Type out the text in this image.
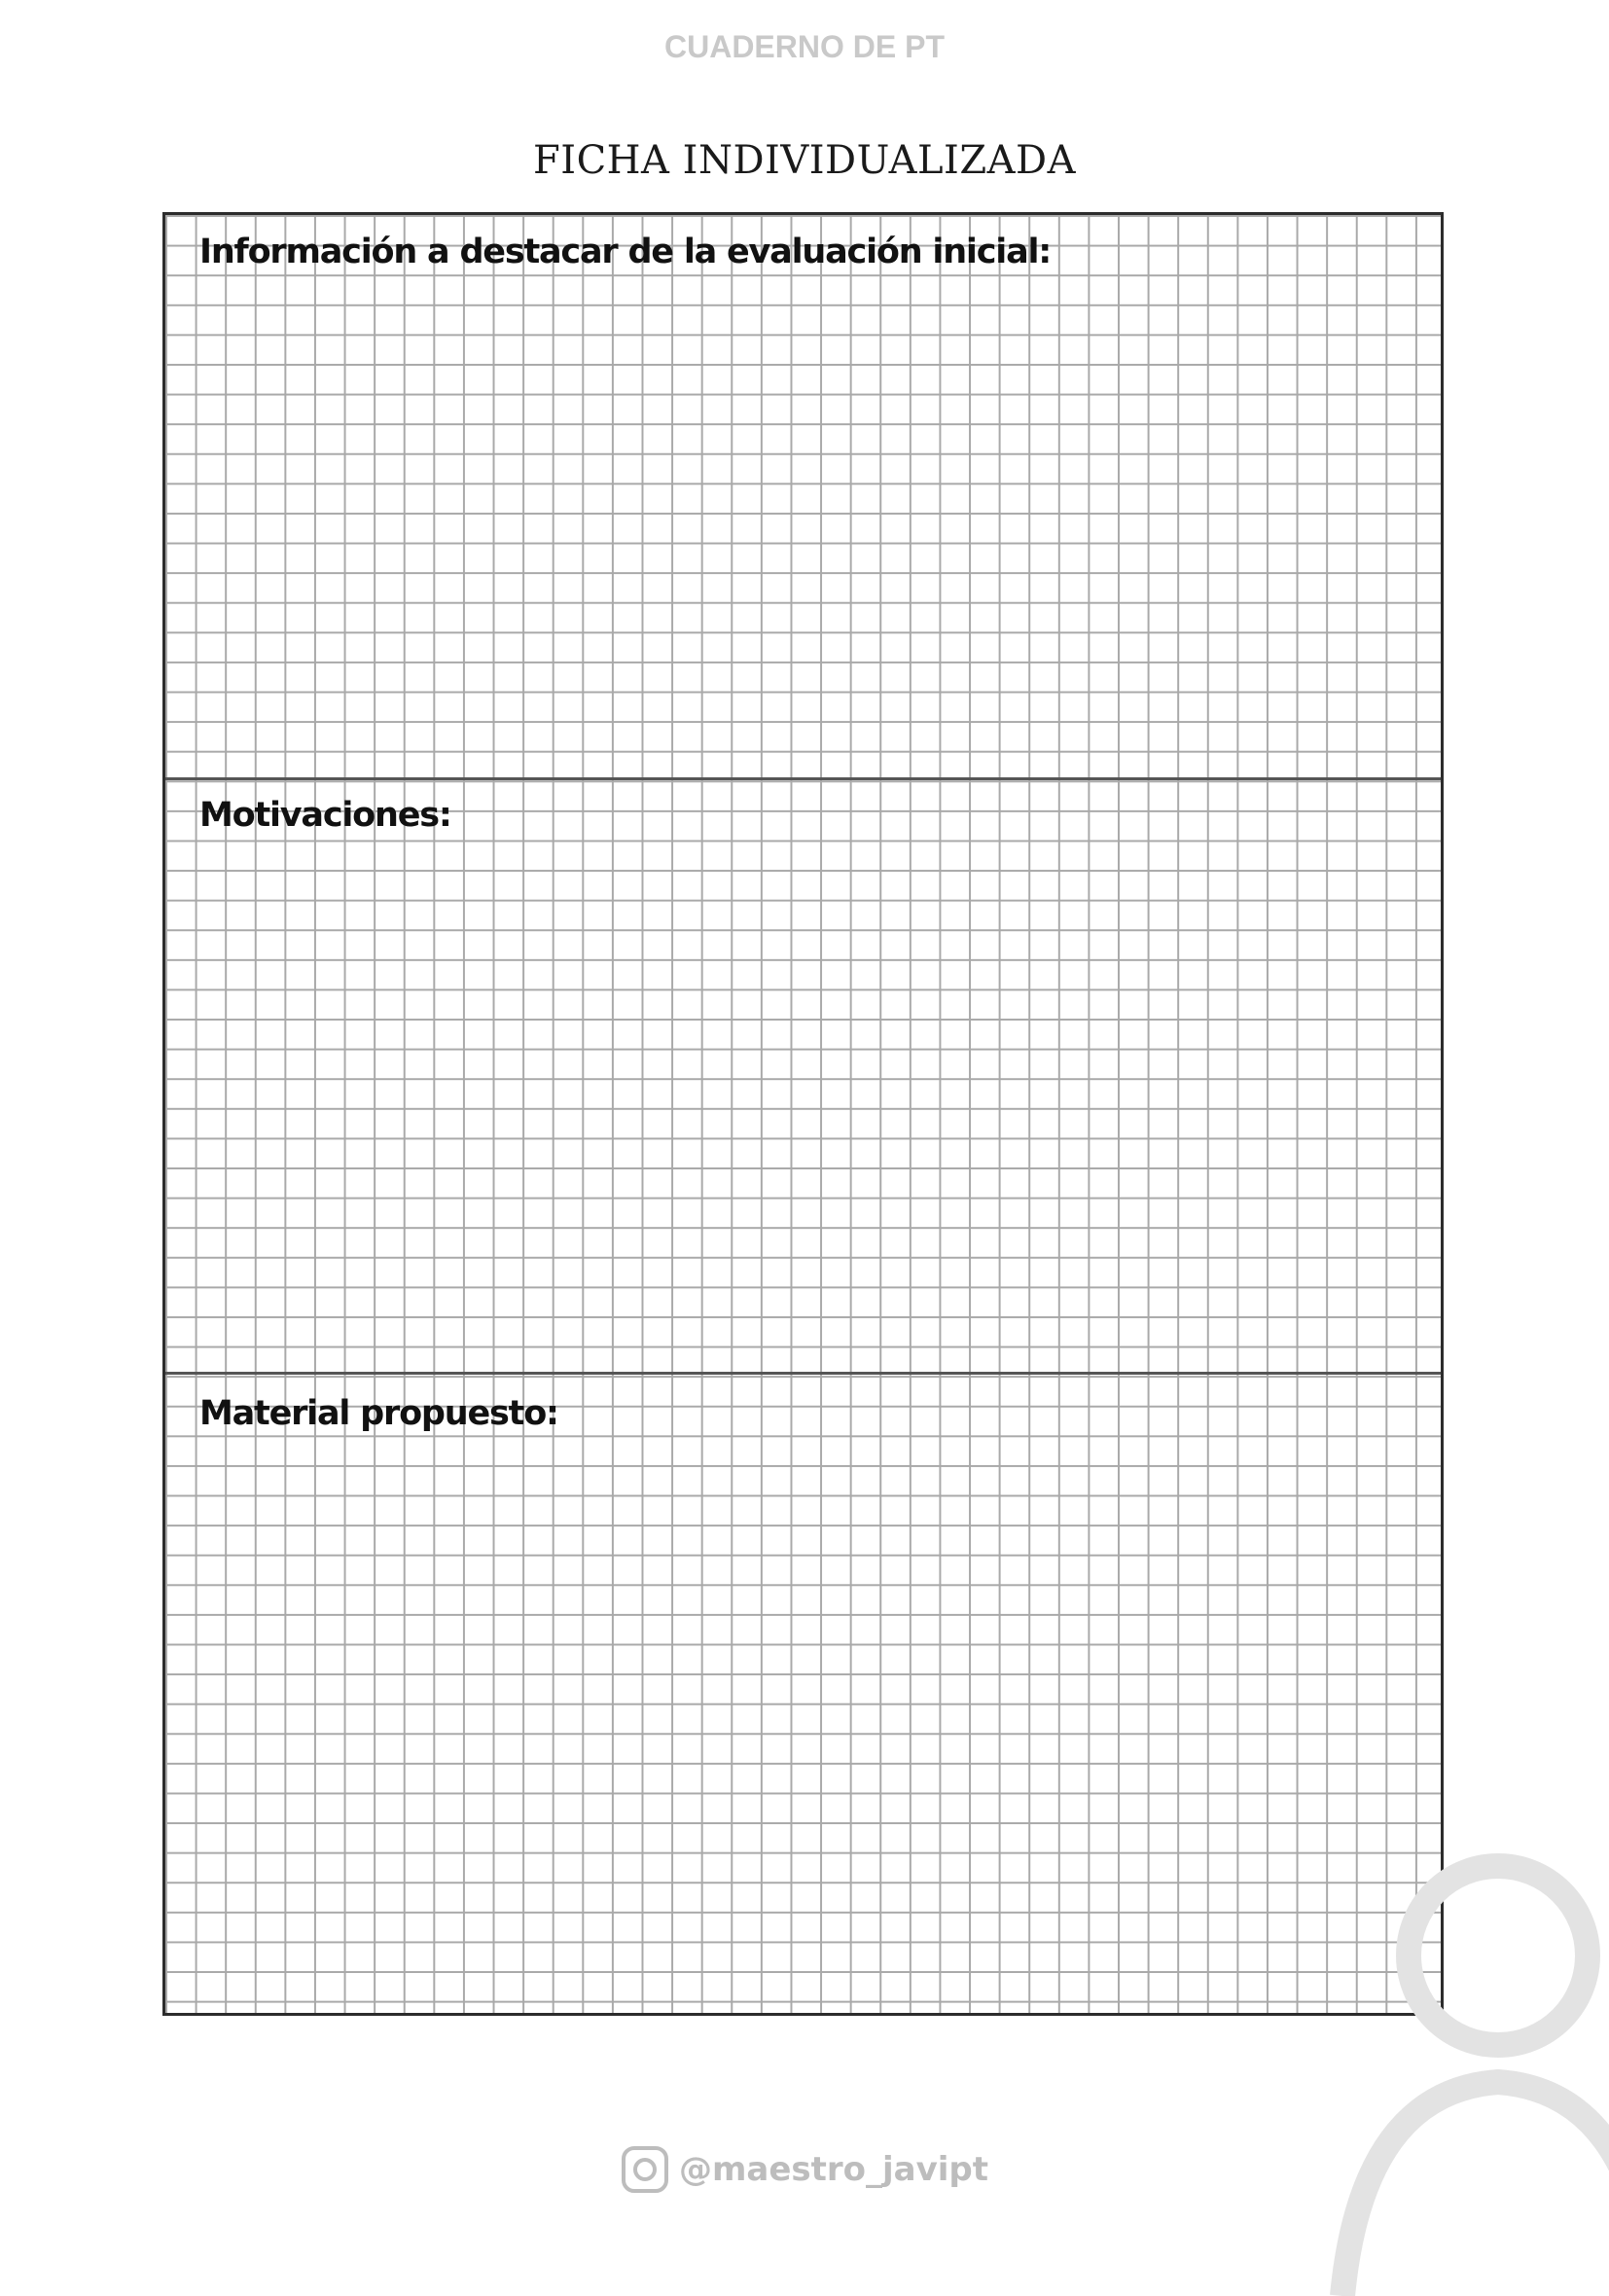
CUADERNO DE PT
FICHA INDIVIDUALIZADA
Información a destacar de la evaluación inicial:
Motivaciones:
Material propuesto:
@maestro_javipt
